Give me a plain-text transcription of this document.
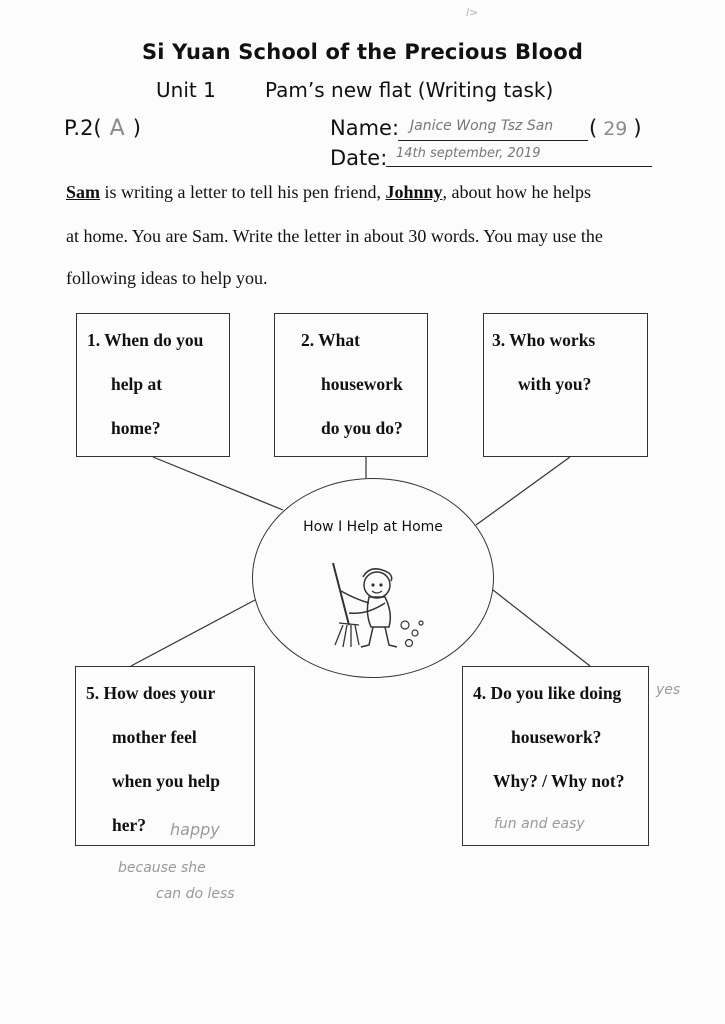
l>
Si Yuan School of the Precious Blood
Unit 1 Pam’s new flat (Writing task)
P.2( A )	Name: Janice Wong Tsz San ( 29 )
Date: 14th september, 2019
Sam is writing a letter to tell his pen friend, Johnny, about how he helps
at home. You are Sam. Write the letter in about 30 words. You may use the
following ideas to help you.
1. When do you
help at
home?
2. What
housework
do you do?
3. Who works
with you?
How I Help at Home
5. How does your
mother feel
when you help
her?
4. Do you like doing
housework?
Why? / Why not?
yes
fun and easy
happy
because she
can do less
